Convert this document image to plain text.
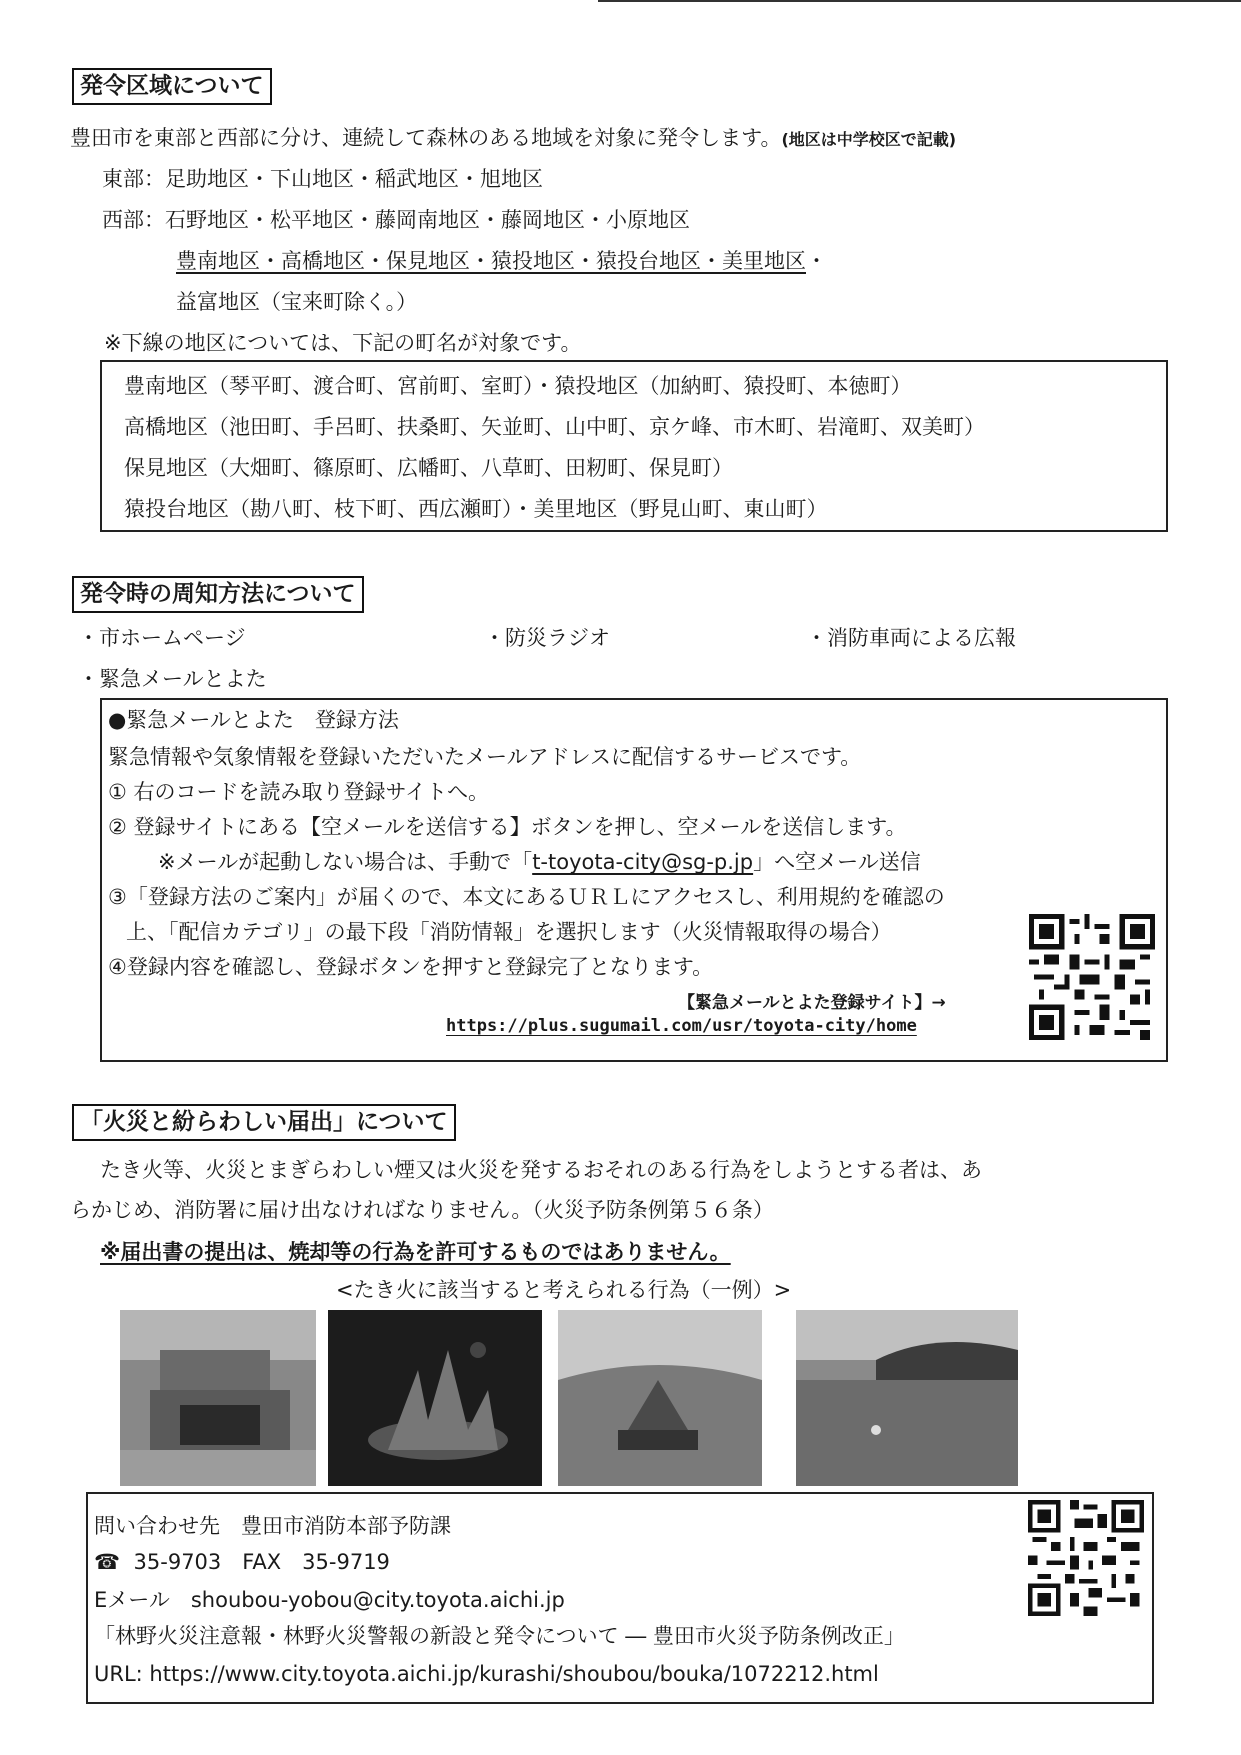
発令区域について
豊田市を東部と西部に分け、連続して森林のある地域を対象に発令します。(地区は中学校区で記載)
東部：足助地区・下山地区・稲武地区・旭地区
西部：石野地区・松平地区・藤岡南地区・藤岡地区・小原地区
豊南地区・高橋地区・保見地区・猿投地区・猿投台地区・美里地区・
益富地区（宝来町除く。）
※下線の地区については、下記の町名が対象です。
豊南地区（琴平町、渡合町、宮前町、室町）・猿投地区（加納町、猿投町、本徳町）
高橋地区（池田町、手呂町、扶桑町、矢並町、山中町、京ケ峰、市木町、岩滝町、双美町）
保見地区（大畑町、篠原町、広幡町、八草町、田籾町、保見町）
猿投台地区（勘八町、枝下町、西広瀬町）・美里地区（野見山町、東山町）
発令時の周知方法について
・市ホームページ	・防災ラジオ	・消防車両による広報
・緊急メールとよた
●緊急メールとよた　登録方法
緊急情報や気象情報を登録いただいたメールアドレスに配信するサービスです。
① 右のコードを読み取り登録サイトへ。
② 登録サイトにある【空メールを送信する】ボタンを押し、空メールを送信します。
※メールが起動しない場合は、手動で「t-toyota-city@sg-p.jp」へ空メール送信
③「登録方法のご案内」が届くので、本文にあるＵＲＬにアクセスし、利用規約を確認の
上、「配信カテゴリ」の最下段「消防情報」を選択します（火災情報取得の場合）
④登録内容を確認し、登録ボタンを押すと登録完了となります。
【緊急メールとよた登録サイト】→
https://plus.sugumail.com/usr/toyota-city/home
「火災と紛らわしい届出」について
たき火等、火災とまぎらわしい煙又は火災を発するおそれのある行為をしようとする者は、あ
らかじめ、消防署に届け出なければなりません。（火災予防条例第５６条）
※届出書の提出は、焼却等の行為を許可するものではありません。
<たき火に該当すると考えられる行為（一例）>
問い合わせ先　豊田市消防本部予防課
☎ 35-9703　FAX　35-9719
Eメール　shoubou-yobou@city.toyota.aichi.jp
「林野火災注意報・林野火災警報の新設と発令について ― 豊田市火災予防条例改正」
URL: https://www.city.toyota.aichi.jp/kurashi/shoubou/bouka/1072212.html
